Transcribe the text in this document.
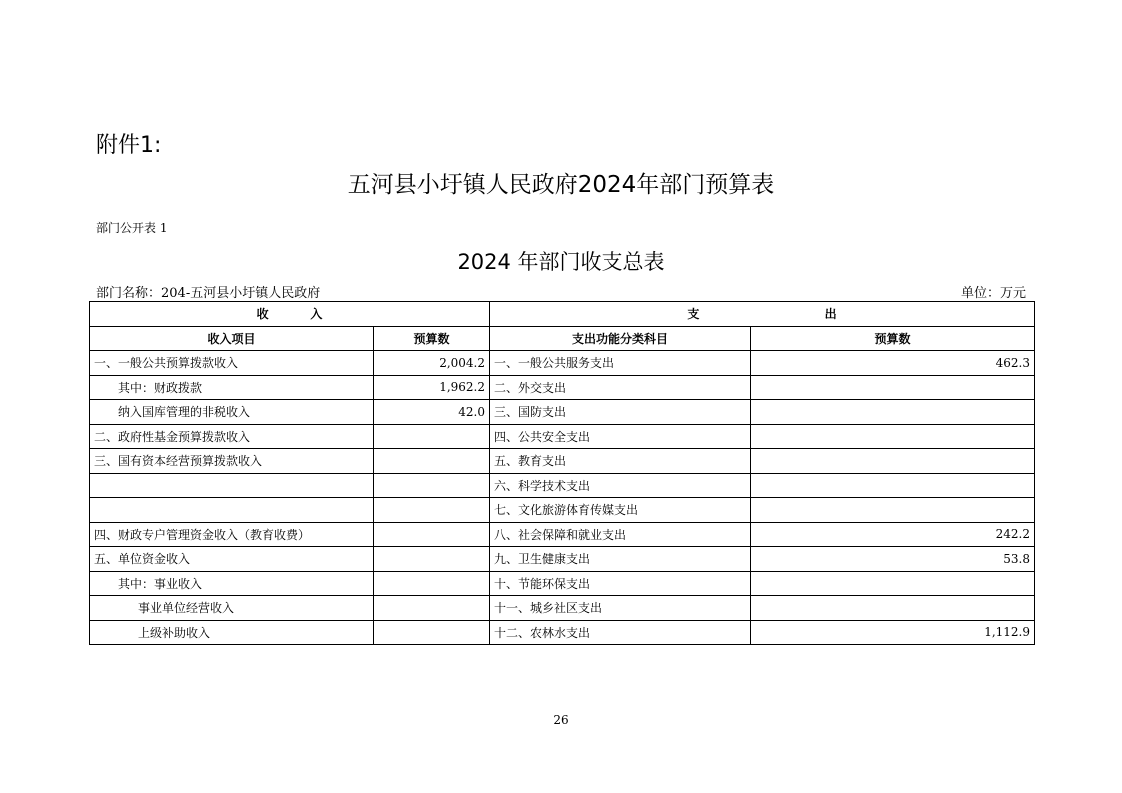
附件1:
五河县小圩镇人民政府2024年部门预算表
部门公开表 1
2024 年部门收支总表
部门名称：204-五河县小圩镇人民政府	单位：万元
收          入		支                              出	
收入项目	预算数	支出功能分类科目	预算数
一、一般公共预算拨款收入	2,004.2	一、一般公共服务支出	462.3
其中：财政拨款	1,962.2	二、外交支出	
纳入国库管理的非税收入	42.0	三、国防支出	
二、政府性基金预算拨款收入		四、公共安全支出	
三、国有资本经营预算拨款收入		五、教育支出	
		六、科学技术支出	
		七、文化旅游体育传媒支出	
四、财政专户管理资金收入（教育收费）		八、社会保障和就业支出	242.2
五、单位资金收入		九、卫生健康支出	53.8
其中：事业收入		十、节能环保支出	
事业单位经营收入		十一、城乡社区支出	
上级补助收入		十二、农林水支出	1,112.9
26
